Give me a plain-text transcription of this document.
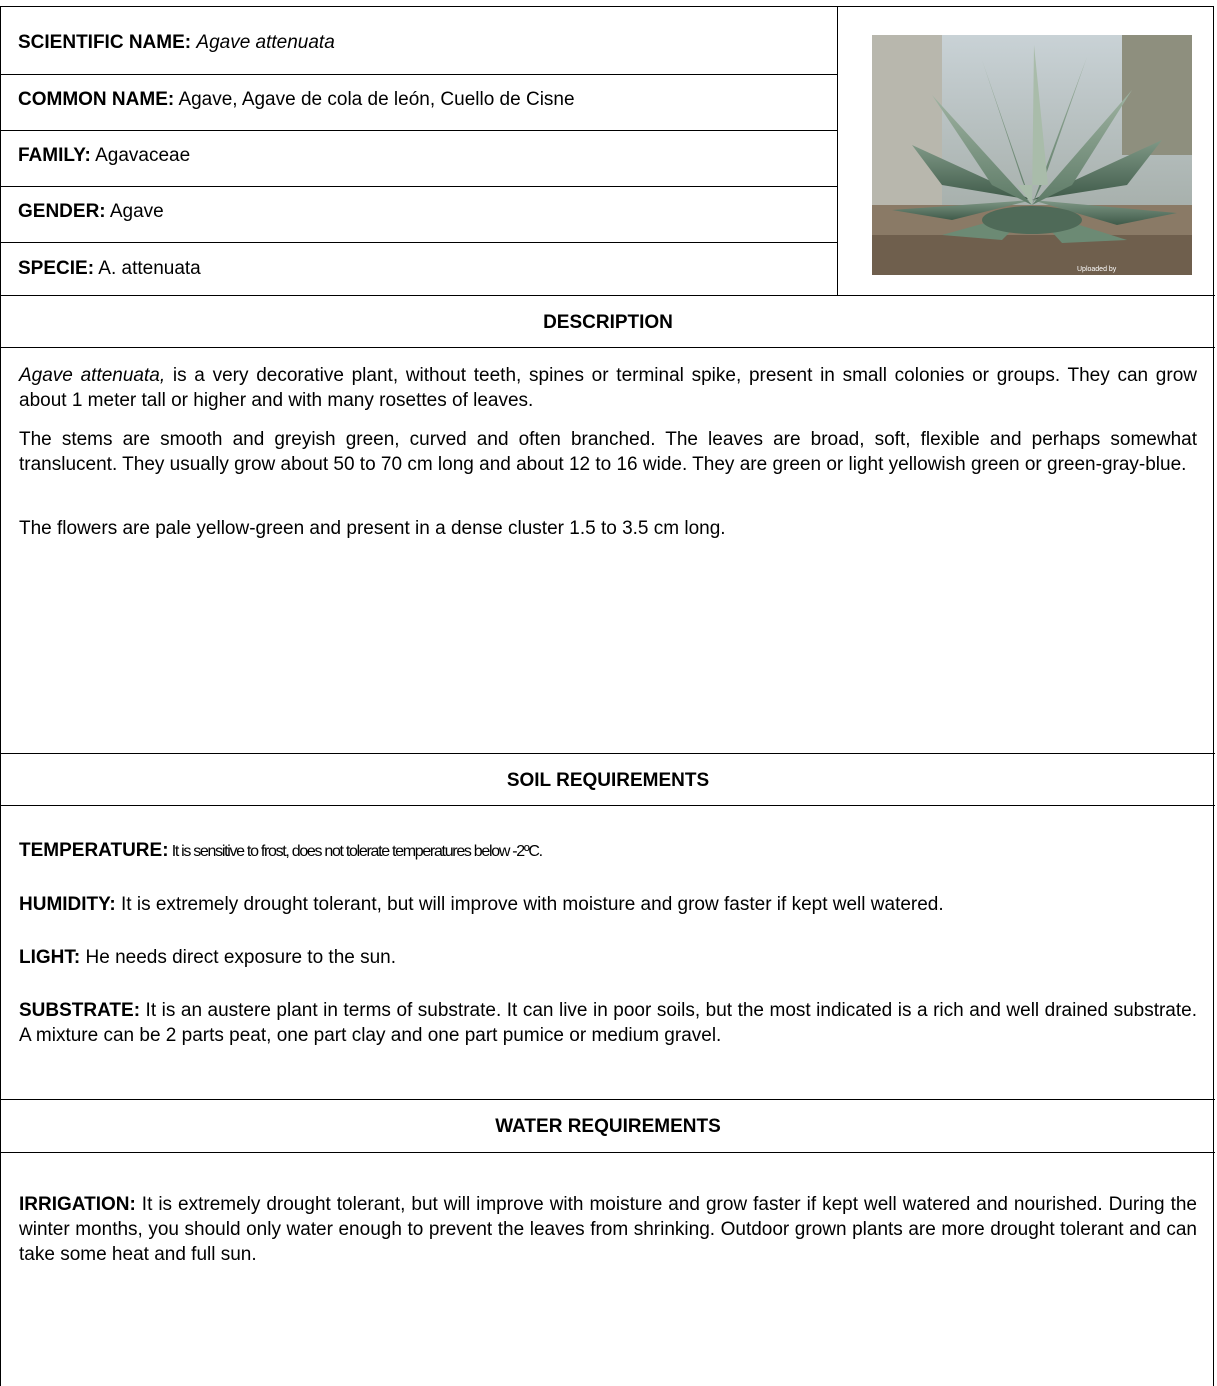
SCIENTIFIC NAME: Agave attenuata
COMMON NAME: Agave, Agave de cola de león, Cuello de Cisne
FAMILY: Agavaceae
GENDER: Agave
SPECIE: A. attenuata	Uploaded by
DESCRIPTION
Agave attenuata, is a very decorative plant, without teeth, spines or terminal spike, present in small colonies or groups. They can grow about 1 meter tall or higher and with many rosettes of leaves.
The stems are smooth and greyish green, curved and often branched. The leaves are broad, soft, flexible and perhaps somewhat translucent. They usually grow about 50 to 70 cm long and about 12 to 16 wide. They are green or light yellowish green or green-gray-blue.
The flowers are pale yellow-green and present in a dense cluster 1.5 to 3.5 cm long.
SOIL REQUIREMENTS
TEMPERATURE: It is sensitive to frost, does not tolerate temperatures below -2ºC.
HUMIDITY: It is extremely drought tolerant, but will improve with moisture and grow faster if kept well watered.
LIGHT: He needs direct exposure to the sun.
SUBSTRATE: It is an austere plant in terms of substrate. It can live in poor soils, but the most indicated is a rich and well drained substrate. A mixture can be 2 parts peat, one part clay and one part pumice or medium gravel.
WATER REQUIREMENTS
IRRIGATION: It is extremely drought tolerant, but will improve with moisture and grow faster if kept well watered and nourished. During the winter months, you should only water enough to prevent the leaves from shrinking. Outdoor grown plants are more drought tolerant and can take some heat and full sun.
